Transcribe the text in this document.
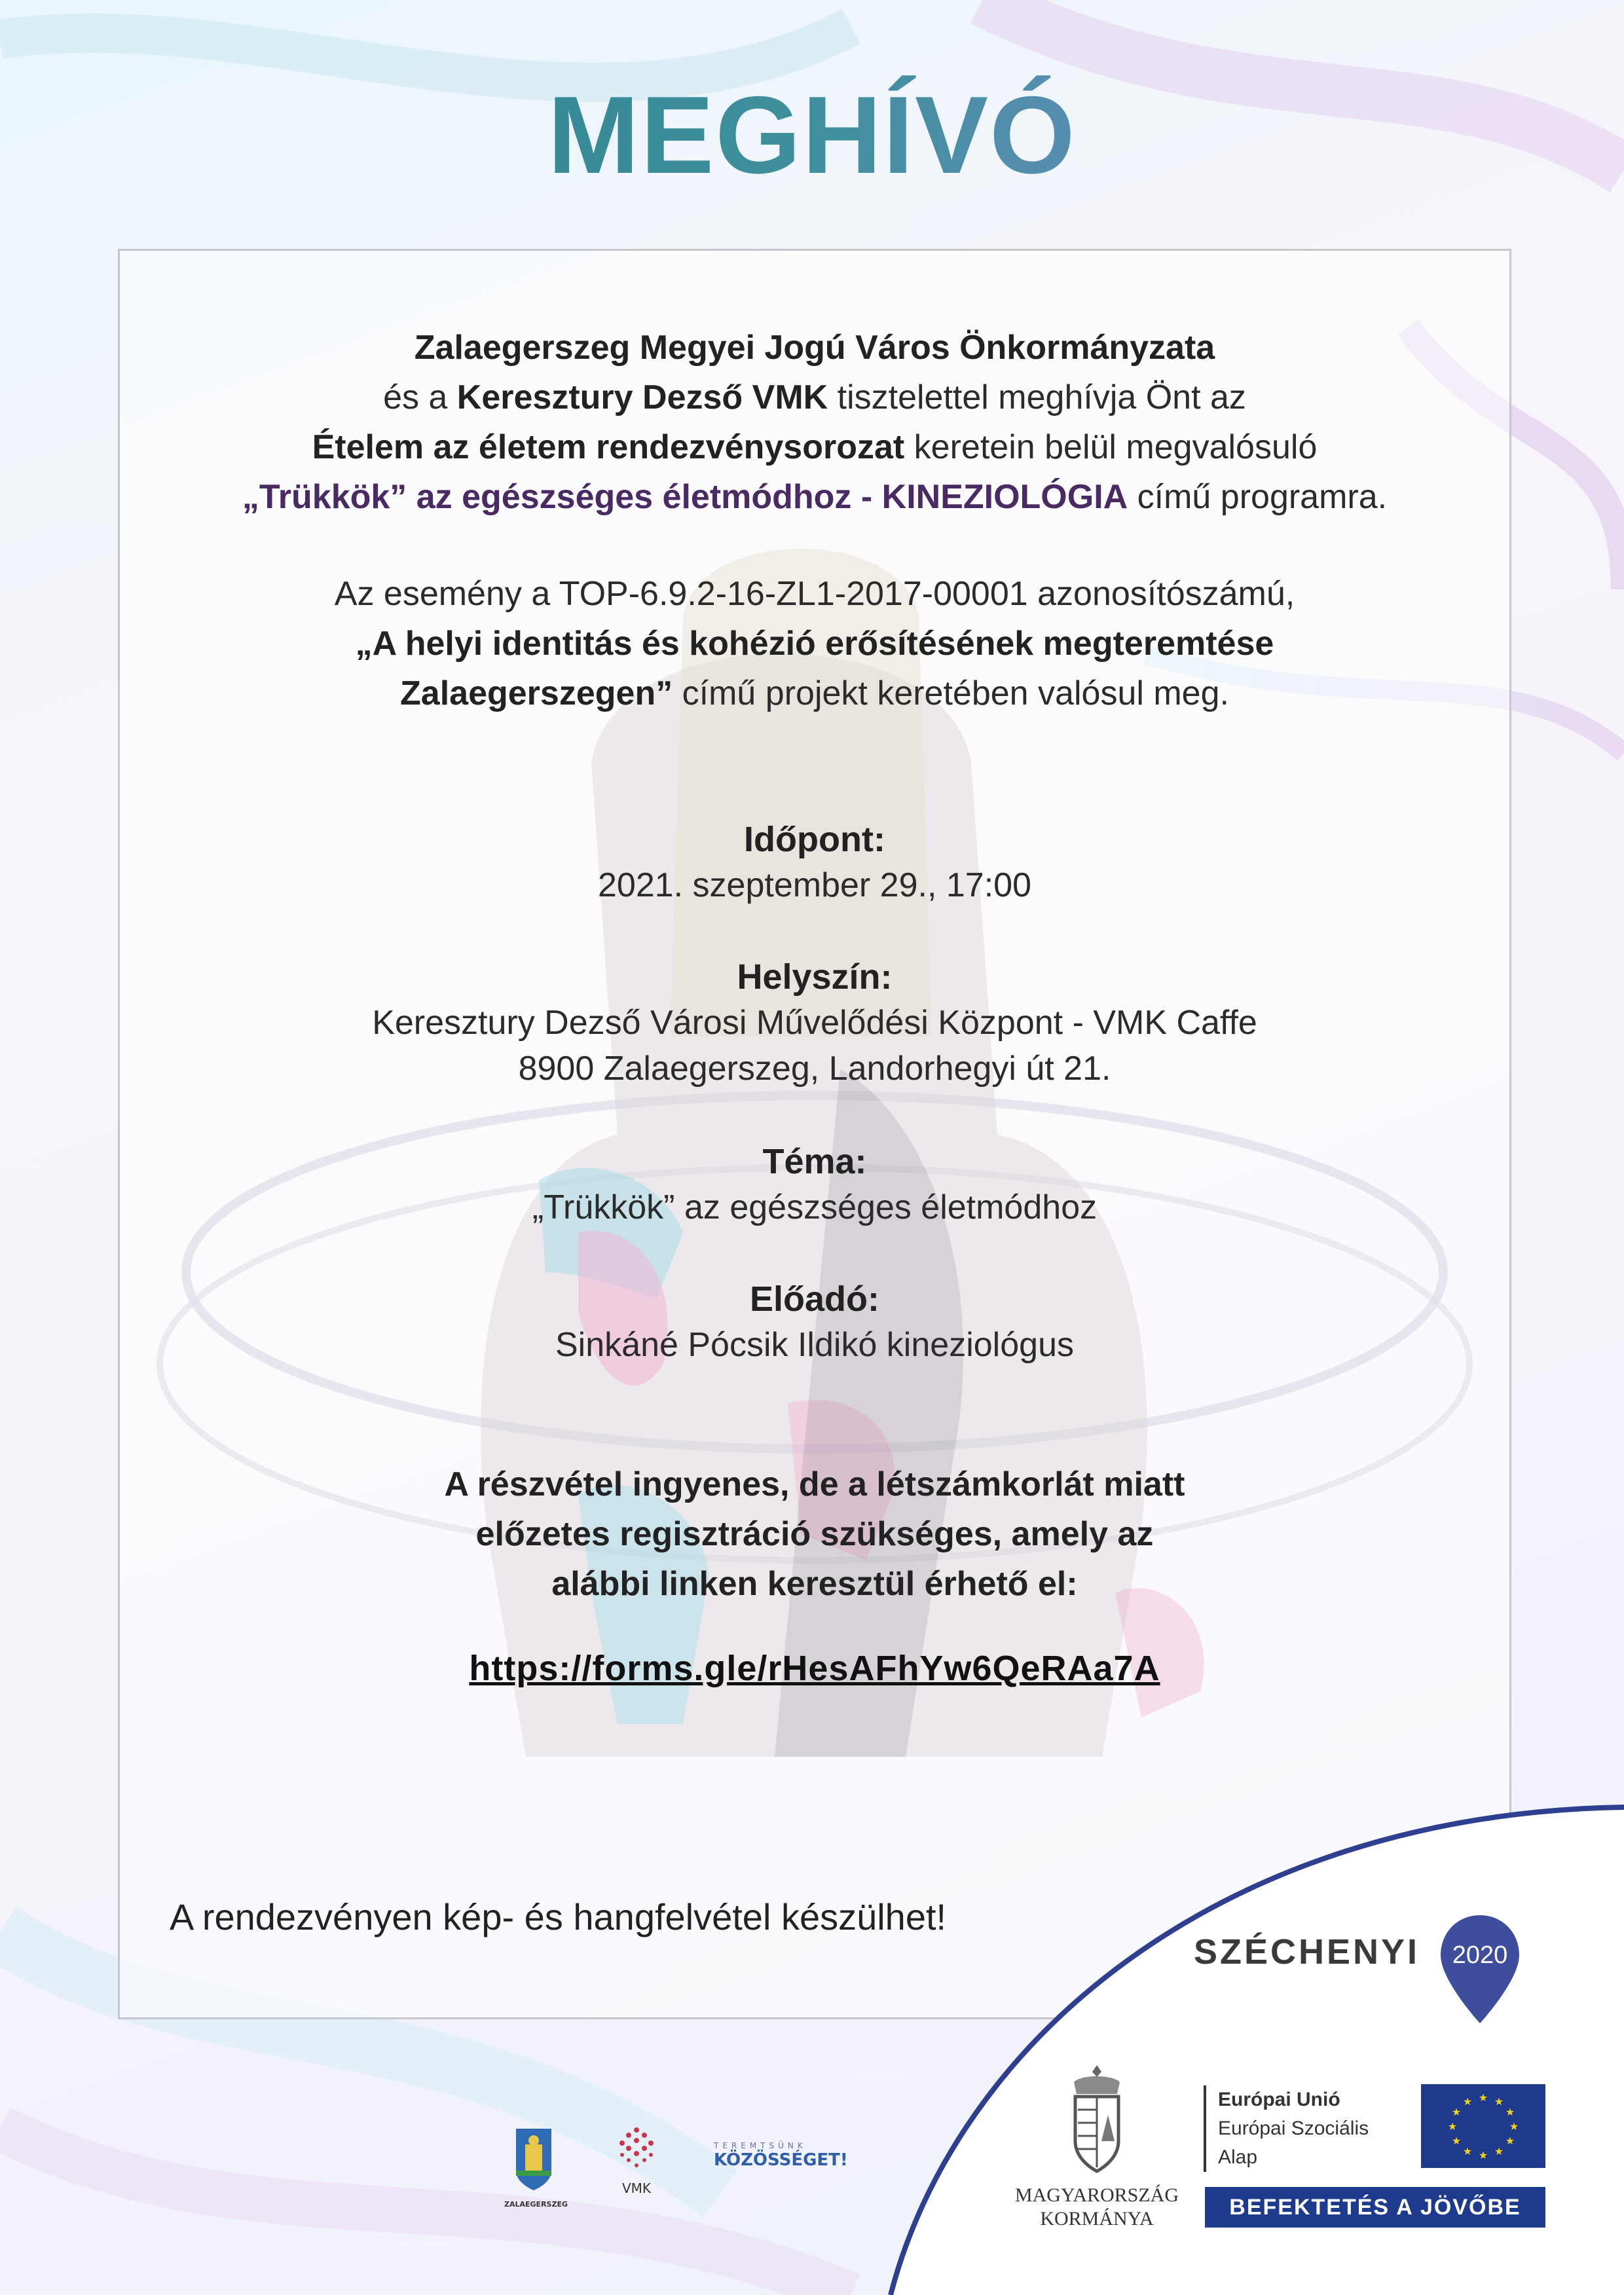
MEGHÍVÓ
Zalaegerszeg Megyei Jogú Város Önkormányzata
és a Keresztury Dezső VMK tisztelettel meghívja Önt az
Ételem az életem rendezvénysorozat keretein belül megvalósuló
„Trükkök” az egészséges életmódhoz - KINEZIOLÓGIA című programra.
Az esemény a TOP-6.9.2-16-ZL1-2017-00001 azonosítószámú,
„A helyi identitás és kohézió erősítésének megteremtése
Zalaegerszegen” című projekt keretében valósul meg.
Időpont:
2021. szeptember 29., 17:00
Helyszín:
Keresztury Dezső Városi Művelődési Központ - VMK Caffe
8900 Zalaegerszeg, Landorhegyi út 21.
Téma:
„Trükkök” az egészséges életmódhoz
Előadó:
Sinkáné Pócsik Ildikó kineziológus
A részvétel ingyenes, de a létszámkorlát miatt
előzetes regisztráció szükséges, amely az
alábbi linken keresztül érhető el:
https://forms.gle/rHesAFhYw6QeRAa7A
A rendezvényen kép- és hangfelvétel készülhet!
ZALAEGERSZEG
VMK
TEREMTSÜNK
KÖZÖSSÉGET!
SZÉCHENYI 2020
MAGYARORSZÁG
KORMÁNYA
Európai Unió
Európai Szociális
Alap
★ ★
★
★
★
★
★
★
★
★
★
★
BEFEKTETÉS A JÖVŐBE
